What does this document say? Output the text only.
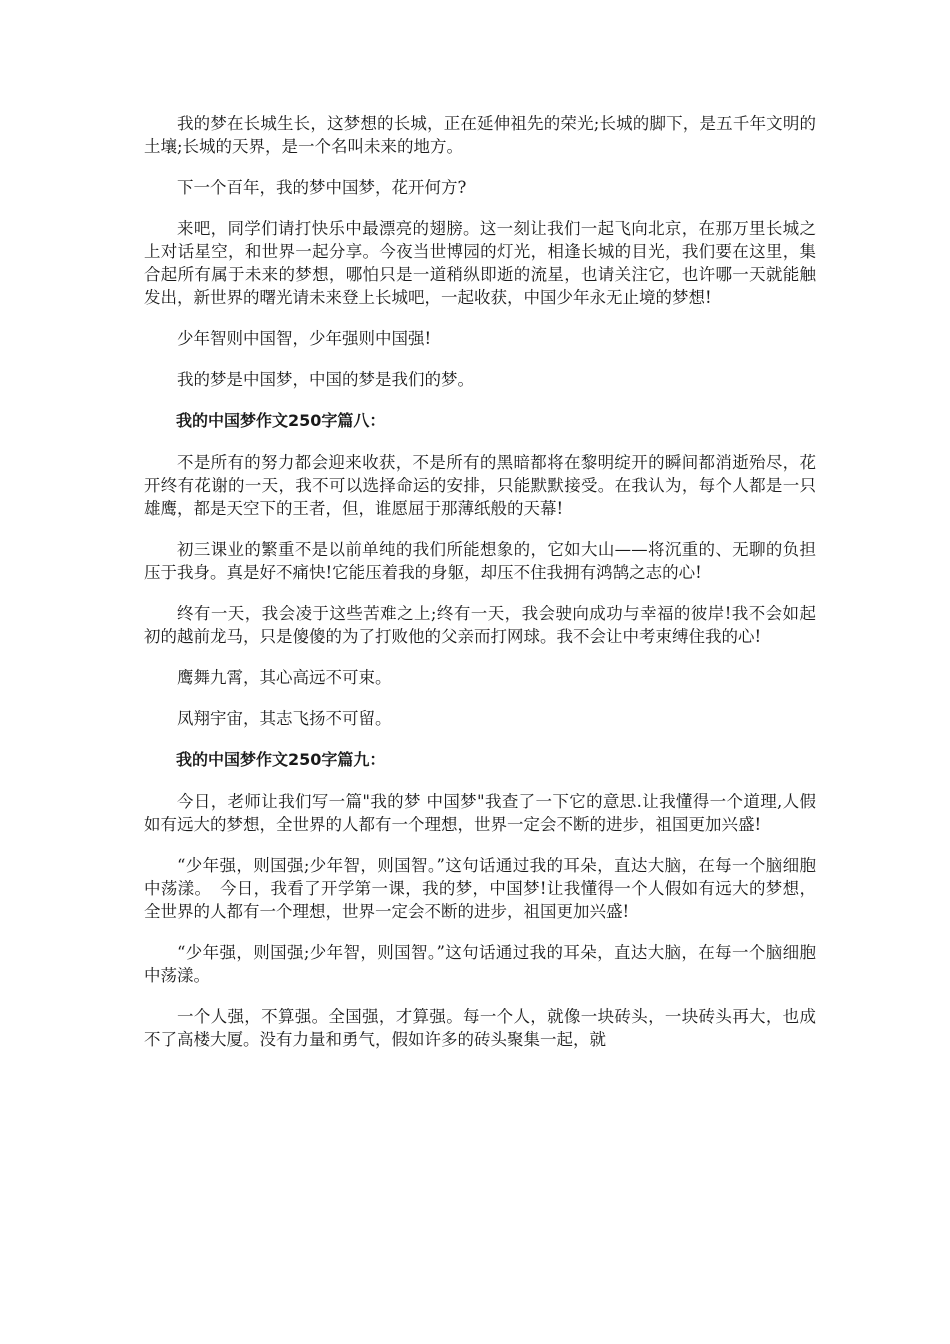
我的梦在长城生长，这梦想的长城，正在延伸祖先的荣光;长城的脚下，是五千年文明的土壤;长城的天界，是一个名叫未来的地方。

下一个百年，我的梦中国梦，花开何方?

来吧，同学们请打快乐中最漂亮的翅膀。这一刻让我们一起飞向北京，在那万里长城之上对话星空，和世界一起分享。今夜当世博园的灯光，相逢长城的目光，我们要在这里，集合起所有属于未来的梦想，哪怕只是一道稍纵即逝的流星，也请关注它，也许哪一天就能触发出，新世界的曙光请未来登上长城吧，一起收获，中国少年永无止境的梦想!

少年智则中国智，少年强则中国强!

我的梦是中国梦，中国的梦是我们的梦。

我的中国梦作文250字篇八：

不是所有的努力都会迎来收获，不是所有的黑暗都将在黎明绽开的瞬间都消逝殆尽，花开终有花谢的一天，我不可以选择命运的安排，只能默默接受。在我认为，每个人都是一只雄鹰，都是天空下的王者，但，谁愿屈于那薄纸般的天幕!

初三课业的繁重不是以前单纯的我们所能想象的，它如大山——将沉重的、无聊的负担压于我身。真是好不痛快!它能压着我的身躯，却压不住我拥有鸿鹄之志的心!

终有一天，我会凌于这些苦难之上;终有一天，我会驶向成功与幸福的彼岸!我不会如起初的越前龙马，只是傻傻的为了打败他的父亲而打网球。我不会让中考束缚住我的心!

鹰舞九霄，其心高远不可束。

凤翔宇宙，其志飞扬不可留。

我的中国梦作文250字篇九：

今日，老师让我们写一篇"我的梦 中国梦"我查了一下它的意思.让我懂得一个道理,人假如有远大的梦想，全世界的人都有一个理想，世界一定会不断的进步，祖国更加兴盛!

“少年强，则国强;少年智，则国智。”这句话通过我的耳朵，直达大脑，在每一个脑细胞中荡漾。　今日，我看了开学第一课，我的梦，中国梦!让我懂得一个人假如有远大的梦想，全世界的人都有一个理想，世界一定会不断的进步，祖国更加兴盛!

“少年强，则国强;少年智，则国智。”这句话通过我的耳朵，直达大脑，在每一个脑细胞中荡漾。

一个人强，不算强。全国强，才算强。每一个人，就像一块砖头，一块砖头再大，也成不了高楼大厦。没有力量和勇气，假如许多的砖头聚集一起，就
